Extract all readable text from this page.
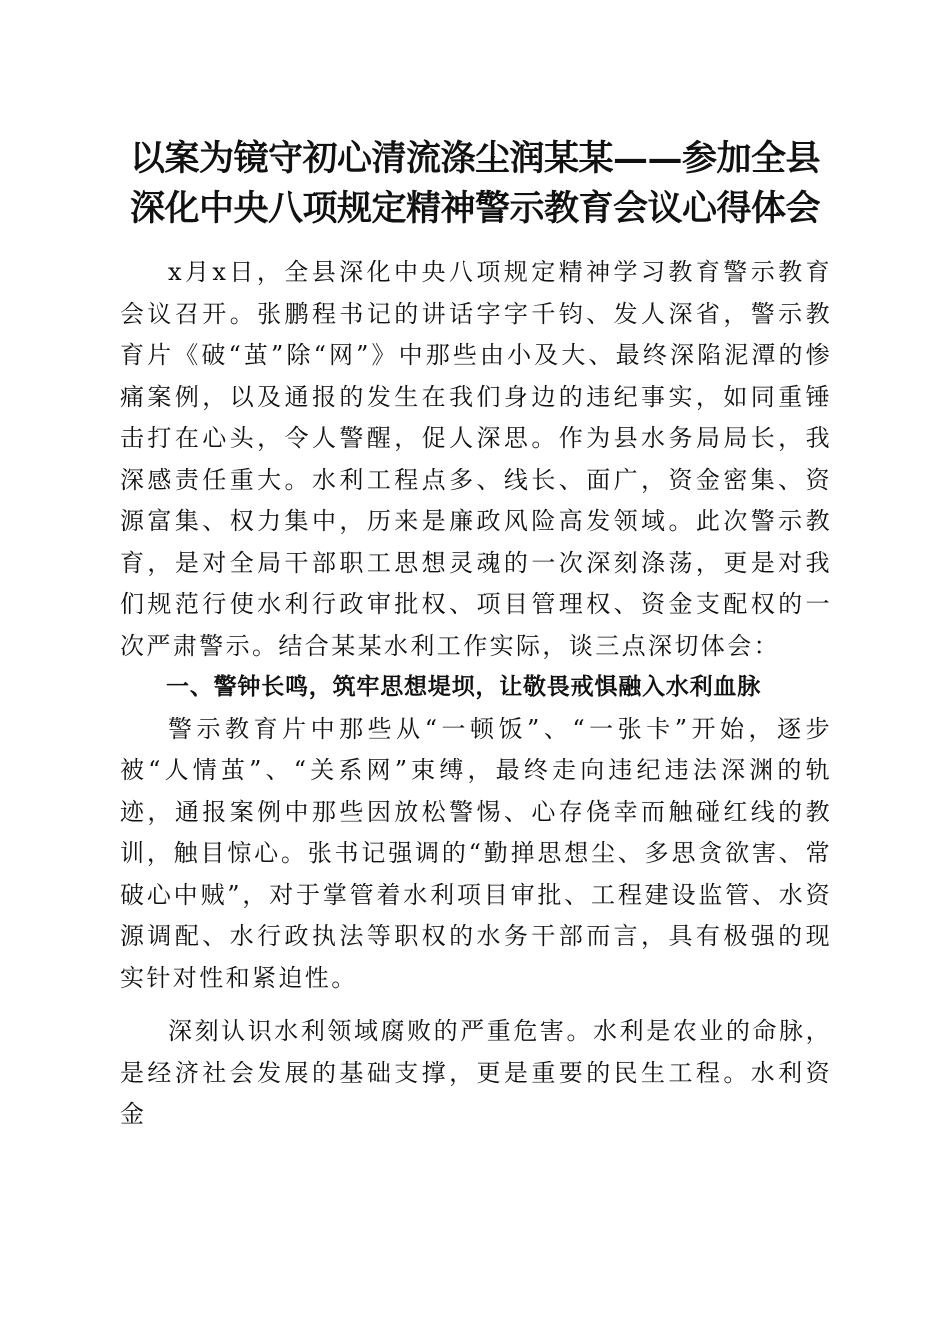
以案为镜守初心清流涤尘润某某——参加全县
深化中央八项规定精神警示教育会议心得体会

x月x日，全县深化中央八项规定精神学习教育警示教育会议召开。张鹏程书记的讲话字字千钧、发人深省，警示教育片《破“茧”除“网”》中那些由小及大、最终深陷泥潭的惨痛案例，以及通报的发生在我们身边的违纪事实，如同重锤击打在心头，令人警醒，促人深思。作为县水务局局长，我深感责任重大。水利工程点多、线长、面广，资金密集、资源富集、权力集中，历来是廉政风险高发领域。此次警示教育，是对全局干部职工思想灵魂的一次深刻涤荡，更是对我们规范行使水利行政审批权、项目管理权、资金支配权的一次严肃警示。结合某某水利工作实际，谈三点深切体会：

一、警钟长鸣，筑牢思想堤坝，让敬畏戒惧融入水利血脉

警示教育片中那些从“一顿饭”、“一张卡”开始，逐步被“人情茧”、“关系网”束缚，最终走向违纪违法深渊的轨迹，通报案例中那些因放松警惕、心存侥幸而触碰红线的教训，触目惊心。张书记强调的“勤掸思想尘、多思贪欲害、常破心中贼”，对于掌管着水利项目审批、工程建设监管、水资源调配、水行政执法等职权的水务干部而言，具有极强的现实针对性和紧迫性。

深刻认识水利领域腐败的严重危害。水利是农业的命脉，是经济社会发展的基础支撑，更是重要的民生工程。水利资金
